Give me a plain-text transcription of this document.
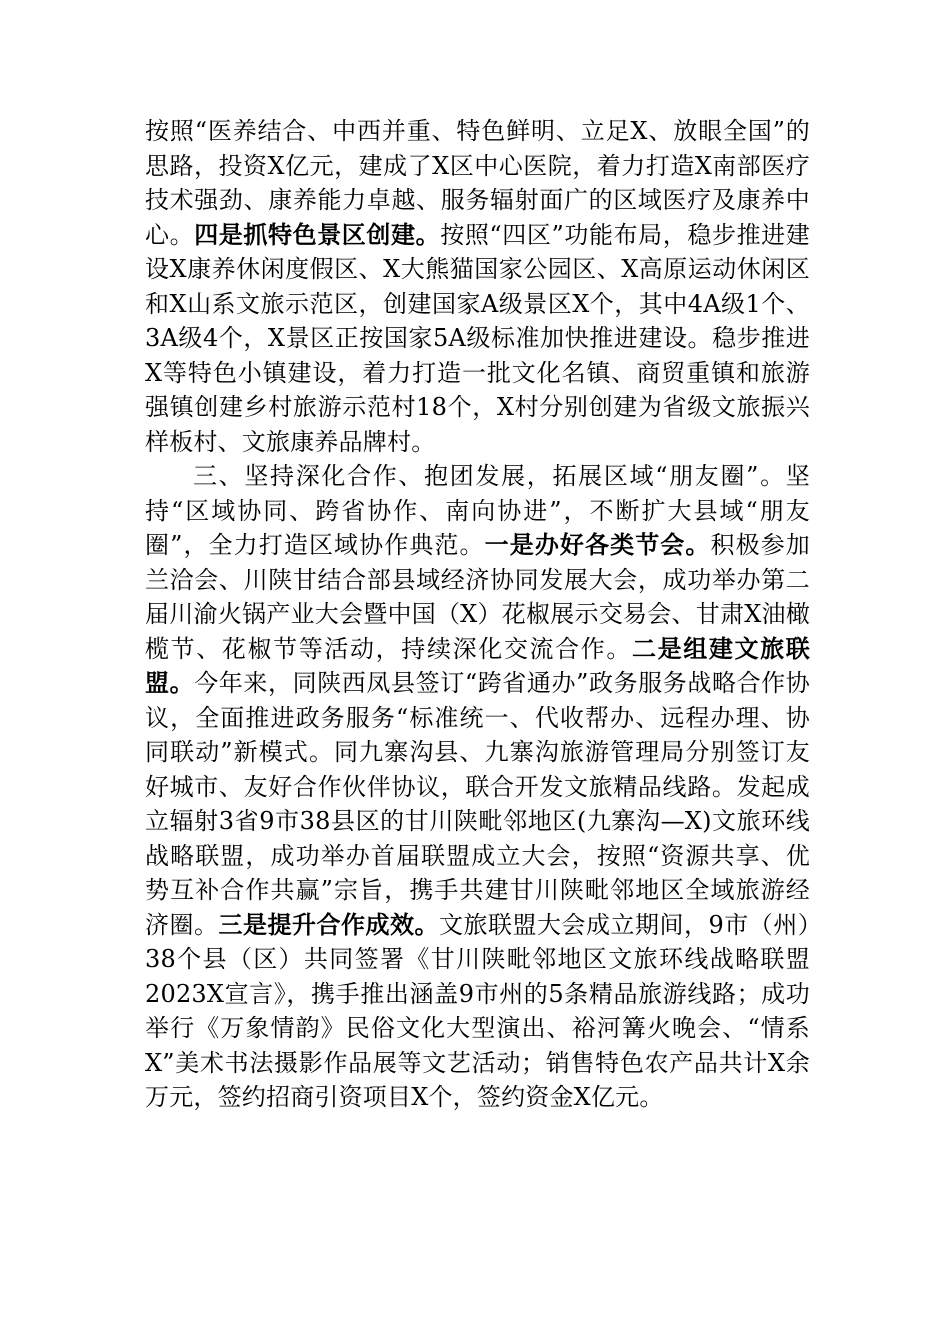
按照“医养结合、中西并重、特色鲜明、立足X、放眼全国”的思路，投资X亿元，建成了X区中心医院，着力打造X南部医疗技术强劲、康养能力卓越、服务辐射面广的区域医疗及康养中心。四是抓特色景区创建。按照“四区”功能布局，稳步推进建设X康养休闲度假区、X大熊猫国家公园区、X高原运动休闲区和X山系文旅示范区，创建国家A级景区X个，其中4A级1个、3A级4个，X景区正按国家5A级标准加快推进建设。稳步推进X等特色小镇建设，着力打造一批文化名镇、商贸重镇和旅游强镇创建乡村旅游示范村18个，X村分别创建为省级文旅振兴样板村、文旅康养品牌村。

三、坚持深化合作、抱团发展，拓展区域“朋友圈”。坚持“区域协同、跨省协作、南向协进”，不断扩大县域“朋友圈”，全力打造区域协作典范。一是办好各类节会。积极参加兰洽会、川陕甘结合部县域经济协同发展大会，成功举办第二届川渝火锅产业大会暨中国（X）花椒展示交易会、甘肃X油橄榄节、花椒节等活动，持续深化交流合作。二是组建文旅联盟。今年来，同陕西凤县签订“跨省通办”政务服务战略合作协议，全面推进政务服务“标准统一、代收帮办、远程办理、协同联动”新模式。同九寨沟县、九寨沟旅游管理局分别签订友好城市、友好合作伙伴协议，联合开发文旅精品线路。发起成立辐射3省9市38县区的甘川陕毗邻地区(九寨沟—X)文旅环线战略联盟，成功举办首届联盟成立大会，按照“资源共享、优势互补合作共赢”宗旨，携手共建甘川陕毗邻地区全域旅游经济圈。三是提升合作成效。文旅联盟大会成立期间，9市（州）38个县（区）共同签署《甘川陕毗邻地区文旅环线战略联盟2023X宣言》，携手推出涵盖9市州的5条精品旅游线路；成功举行《万象情韵》民俗文化大型演出、裕河篝火晚会、“情系X”美术书法摄影作品展等文艺活动；销售特色农产品共计X余万元，签约招商引资项目X个，签约资金X亿元。
